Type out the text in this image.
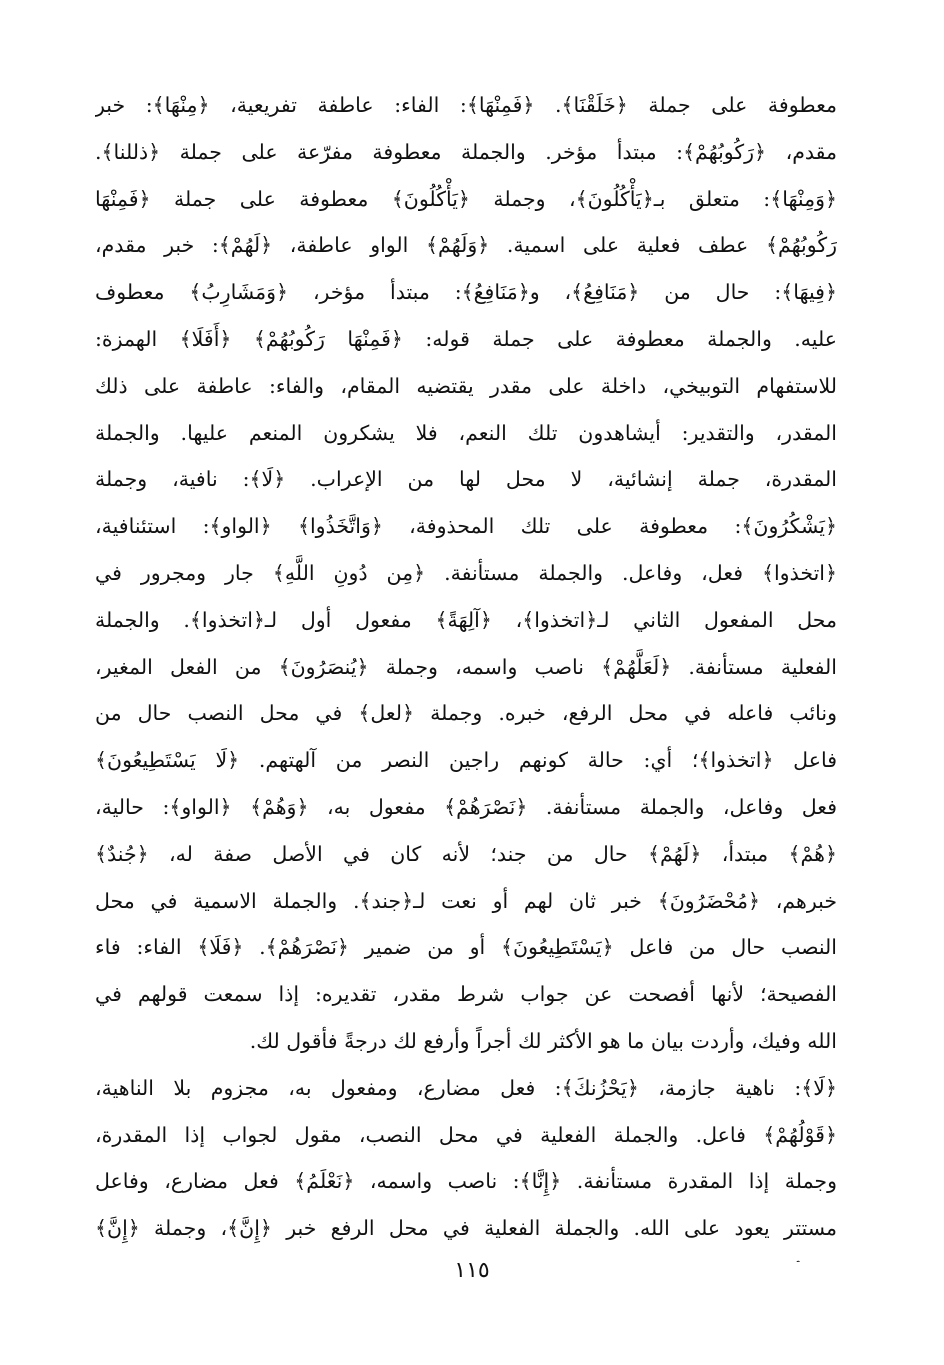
معطوفة على جملة ﴿خَلَقْنَا﴾. ﴿فَمِنْهَا﴾: الفاء: عاطفة تفريعية، ﴿مِنْهَا﴾: خبر
مقدم، ﴿رَكُوبُهُمْ﴾: مبتدأ مؤخر. والجملة معطوفة مفرّعة على جملة ﴿ذللنا﴾.
﴿وَمِنْهَا﴾: متعلق بـ﴿يَأْكُلُونَ﴾، وجملة ﴿يَأْكُلُونَ﴾ معطوفة على جملة ﴿فَمِنْهَا
رَكُوبُهُمْ﴾ عطف فعلية على اسمية. ﴿وَلَهُمْ﴾ الواو عاطفة، ﴿لَهُمْ﴾: خبر مقدم،
﴿فِيهَا﴾: حال من ﴿مَنَافِعُ﴾، و﴿مَنَافِعُ﴾: مبتدأ مؤخر، ﴿وَمَشَارِبُ﴾ معطوف
عليه. والجملة معطوفة على جملة قوله: ﴿فَمِنْهَا رَكُوبُهُمْ﴾ ﴿أَفَلَا﴾ الهمزة:
للاستفهام التوبيخي، داخلة على مقدر يقتضيه المقام، والفاء: عاطفة على ذلك
المقدر، والتقدير: أيشاهدون تلك النعم، فلا يشكرون المنعم عليها. والجملة
المقدرة، جملة إنشائية، لا محل لها من الإعراب. ﴿لَا﴾: نافية، وجملة
﴿يَشْكُرُونَ﴾: معطوفة على تلك المحذوفة، ﴿وَاتَّخَذُوا﴾ ﴿الواو﴾: استئنافية،
﴿اتخذوا﴾ فعل، وفاعل. والجملة مستأنفة. ﴿مِن دُونِ اللَّهِ﴾ جار ومجرور في
محل المفعول الثاني لـ﴿اتخذوا﴾، ﴿آلِهَةً﴾ مفعول أول لـ﴿اتخذوا﴾. والجملة
الفعلية مستأنفة. ﴿لَعَلَّهُمْ﴾ ناصب واسمه، وجملة ﴿يُنصَرُونَ﴾ من الفعل المغير،
ونائب فاعله في محل الرفع، خبره. وجملة ﴿لعل﴾ في محل النصب حال من
فاعل ﴿اتخذوا﴾؛ أي: حالة كونهم راجين النصر من آلهتهم. ﴿لَا يَسْتَطِيعُونَ﴾
فعل وفاعل، والجملة مستأنفة. ﴿نَصْرَهُمْ﴾ مفعول به، ﴿وَهُمْ﴾ ﴿الواو﴾: حالية،
﴿هُمْ﴾ مبتدأ، ﴿لَهُمْ﴾ حال من جند؛ لأنه كان في الأصل صفة له، ﴿جُندٌ﴾
خبرهم، ﴿مُحْضَرُونَ﴾ خبر ثان لهم أو نعت لـ﴿جند﴾. والجملة الاسمية في محل
النصب حال من فاعل ﴿يَسْتَطِيعُونَ﴾ أو من ضمير ﴿نَصْرَهُمْ﴾. ﴿فَلَا﴾ الفاء: فاء
الفصيحة؛ لأنها أفصحت عن جواب شرط مقدر، تقديره: إذا سمعت قولهم في
الله وفيك، وأردت بيان ما هو الأكثر لك أجراً وأرفع لك درجةً فأقول لك.
﴿لَا﴾: ناهية جازمة، ﴿يَحْزُنكَ﴾: فعل مضارع، ومفعول به، مجزوم بلا الناهية،
﴿قَوْلُهُمْ﴾ فاعل. والجملة الفعلية في محل النصب، مقول لجواب إذا المقدرة،
وجملة إذا المقدرة مستأنفة. ﴿إِنَّا﴾: ناصب واسمه، ﴿نَعْلَمُ﴾ فعل مضارع، وفاعل
مستتر يعود على الله. والجملة الفعلية في محل الرفع خبر ﴿إِنَّ﴾، وجملة ﴿إِنَّ﴾
١١٥
